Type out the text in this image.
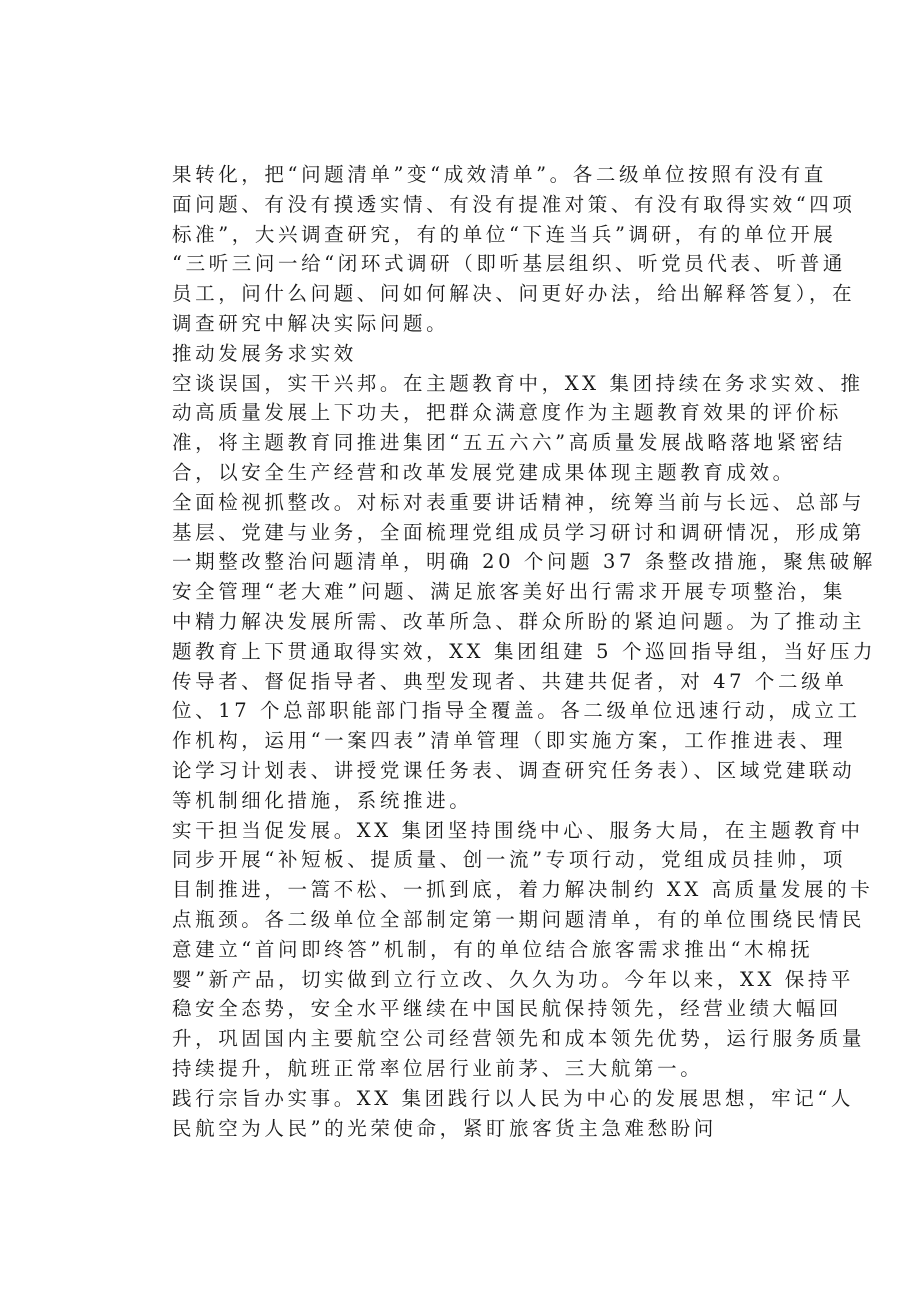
果转化，把“问题清单”变“成效清单”。各二级单位按照有没有直
面问题、有没有摸透实情、有没有提准对策、有没有取得实效“四项
标准”，大兴调查研究，有的单位“下连当兵”调研，有的单位开展
“三听三问一给“闭环式调研（即听基层组织、听党员代表、听普通
员工，问什么问题、问如何解决、问更好办法，给出解释答复），在
调查研究中解决实际问题。
推动发展务求实效
空谈误国，实干兴邦。在主题教育中，XX 集团持续在务求实效、推
动高质量发展上下功夫，把群众满意度作为主题教育效果的评价标
准，将主题教育同推进集团“五五六六”高质量发展战略落地紧密结
合，以安全生产经营和改革发展党建成果体现主题教育成效。
全面检视抓整改。对标对表重要讲话精神，统筹当前与长远、总部与
基层、党建与业务，全面梳理党组成员学习研讨和调研情况，形成第
一期整改整治问题清单，明确 20 个问题 37 条整改措施，聚焦破解
安全管理“老大难”问题、满足旅客美好出行需求开展专项整治，集
中精力解决发展所需、改革所急、群众所盼的紧迫问题。为了推动主
题教育上下贯通取得实效，XX 集团组建 5 个巡回指导组，当好压力
传导者、督促指导者、典型发现者、共建共促者，对 47 个二级单
位、17 个总部职能部门指导全覆盖。各二级单位迅速行动，成立工
作机构，运用“一案四表”清单管理（即实施方案，工作推进表、理
论学习计划表、讲授党课任务表、调查研究任务表）、区域党建联动
等机制细化措施，系统推进。
实干担当促发展。XX 集团坚持围绕中心、服务大局，在主题教育中
同步开展“补短板、提质量、创一流”专项行动，党组成员挂帅，项
目制推进，一篙不松、一抓到底，着力解决制约 XX 高质量发展的卡
点瓶颈。各二级单位全部制定第一期问题清单，有的单位围绕民情民
意建立“首问即终答”机制，有的单位结合旅客需求推出“木棉抚
婴”新产品，切实做到立行立改、久久为功。今年以来，XX 保持平
稳安全态势，安全水平继续在中国民航保持领先，经营业绩大幅回
升，巩固国内主要航空公司经营领先和成本领先优势，运行服务质量
持续提升，航班正常率位居行业前茅、三大航第一。
践行宗旨办实事。XX 集团践行以人民为中心的发展思想，牢记“人
民航空为人民”的光荣使命，紧盯旅客货主急难愁盼问
